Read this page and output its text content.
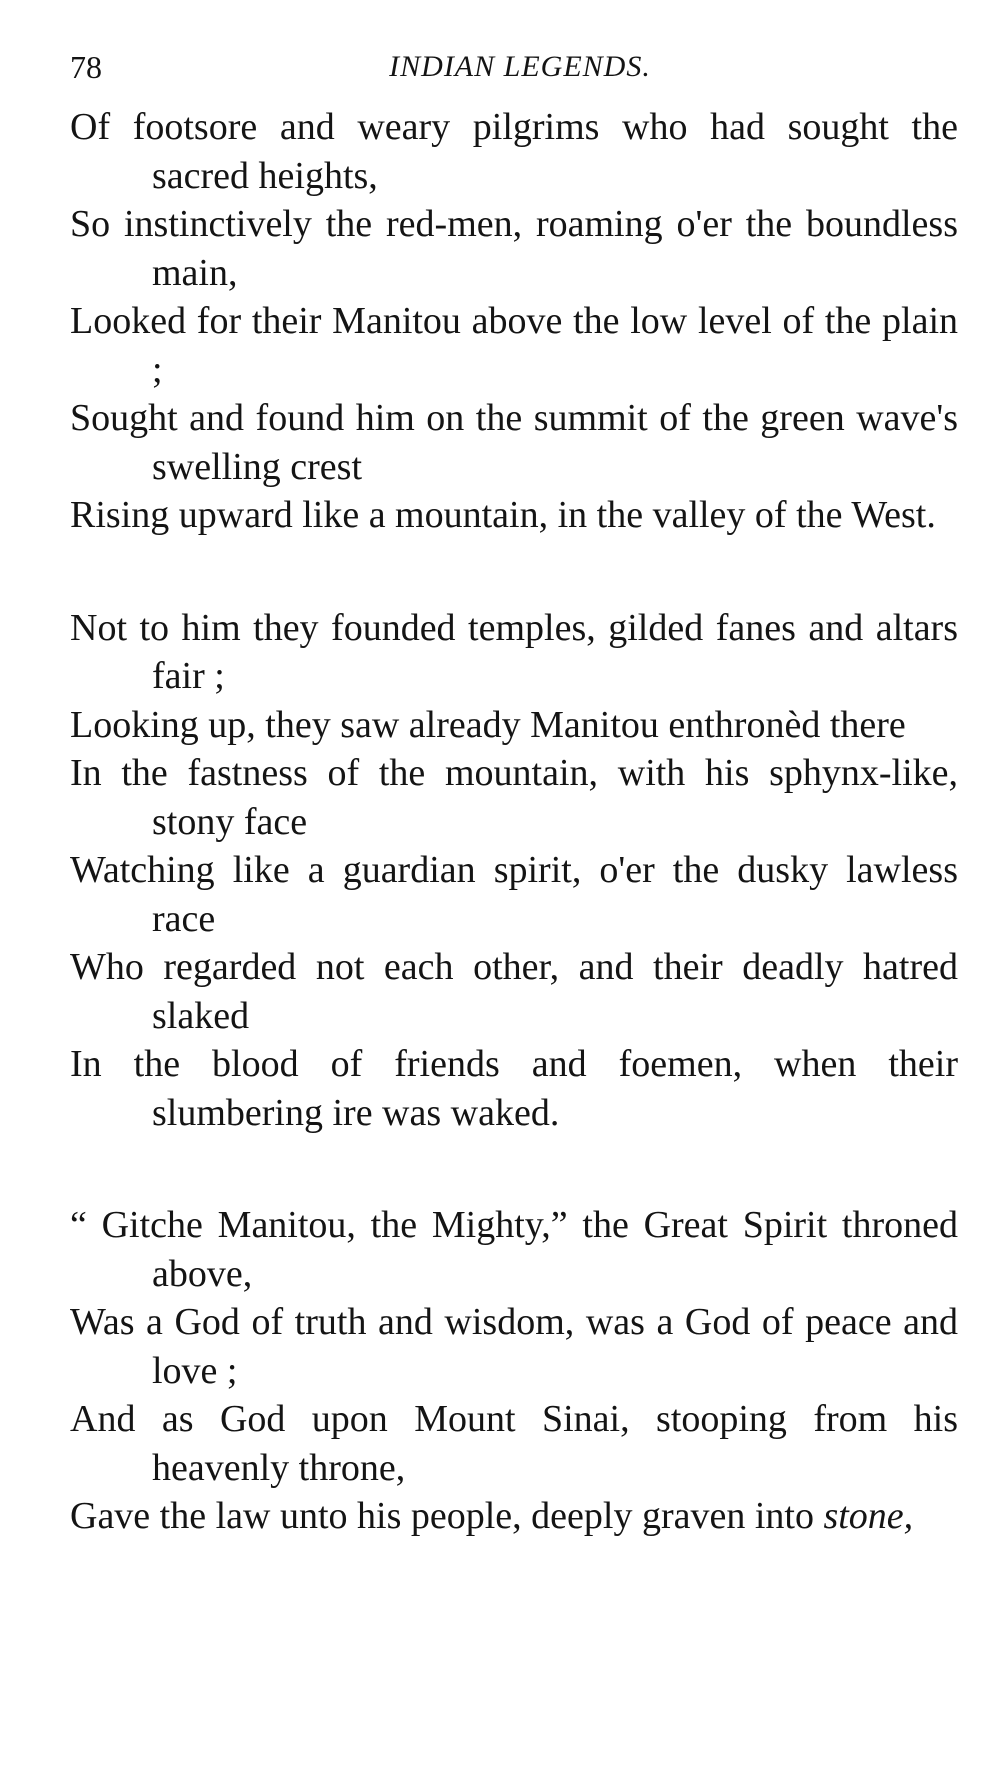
78	INDIAN LEGENDS.
Of footsore and weary pilgrims who had sought the sacred heights,
So instinctively the red-men, roaming o'er the boundless main,
Looked for their Manitou above the low level of the plain ;
Sought and found him on the summit of the green wave's swelling crest
Rising upward like a mountain, in the valley of the West.
Not to him they founded temples, gilded fanes and altars fair ;
Looking up, they saw already Manitou enthronèd there
In the fastness of the mountain, with his sphynx-like, stony face
Watching like a guardian spirit, o'er the dusky lawless race
Who regarded not each other, and their deadly hatred slaked
In the blood of friends and foemen, when their slumbering ire was waked.
“ Gitche Manitou, the Mighty,” the Great Spirit throned above,
Was a God of truth and wisdom, was a God of peace and love ;
And as God upon Mount Sinai, stooping from his heavenly throne,
Gave the law unto his people, deeply graven into stone,
